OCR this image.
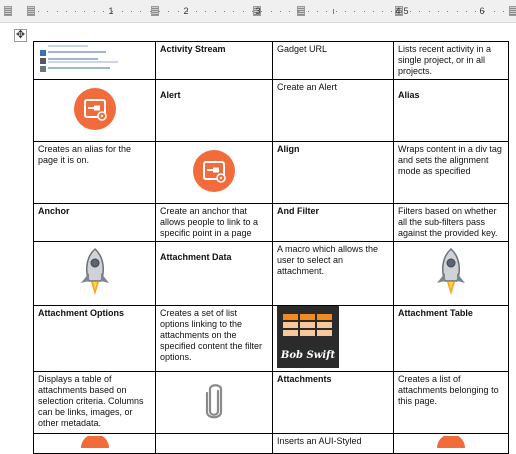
1	2	3	5	6
4
✥
	Activity Stream	Gadget URL	Lists recent activity in a single project, or in all projects.
	Alert	Create an Alert	Alias
Creates an alias for the page it is on.		Align	Wraps content in a div tag and sets the alignment mode as specified
Anchor	Create an anchor that allows people to link to a specific point in a page	And Filter	Filters based on whether all the sub-filters pass against the provided key.
	Attachment Data	A macro which allows the user to select an attachment.	
Attachment Options	Creates a set of list options linking to the attachments on the specified content the filter options.	Bob Swift	Attachment Table
Displays a table of attachments based on selection criteria. Columns can be links, images, or other metadata.		Attachments	Creates a list of attachments belonging to this page.
		Inserts an AUI-Styled	
